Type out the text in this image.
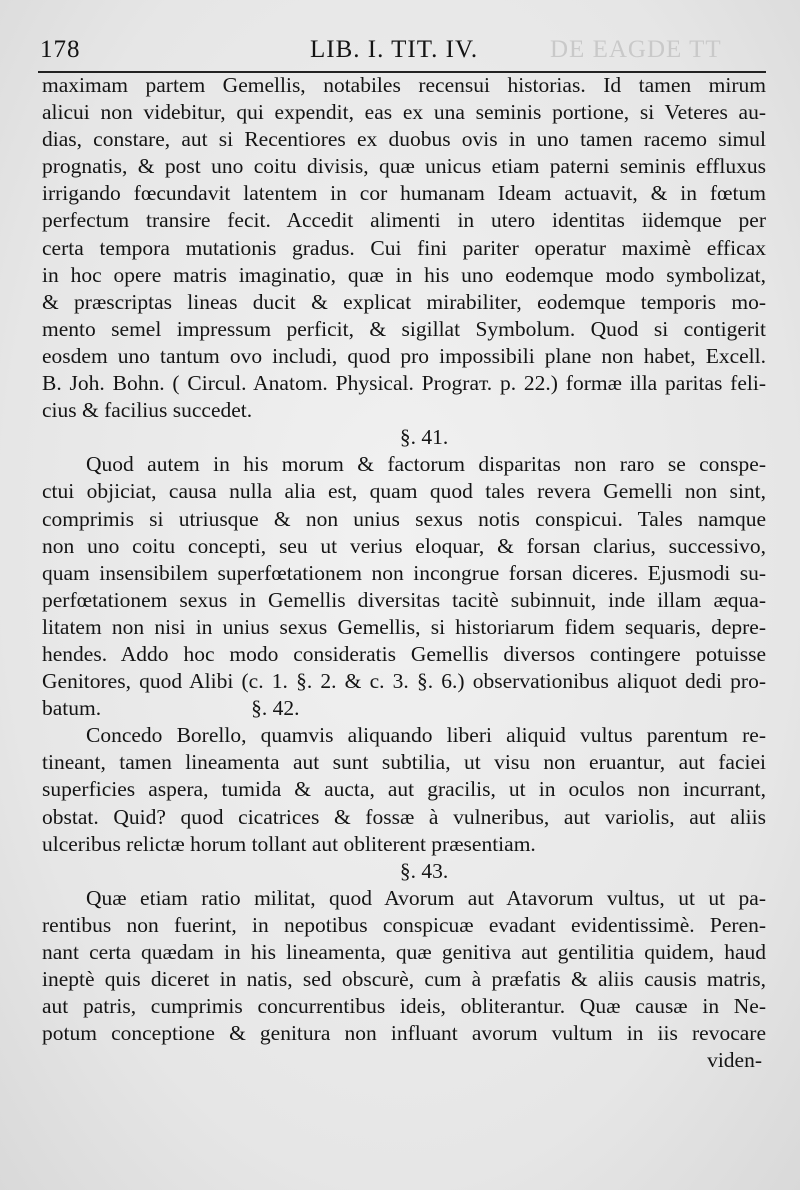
178	LIB. I. TIT. IV.	DE EAGDE TT
maximam partem Gemellis, notabiles recensui historias. Id tamen mirum
alicui non videbitur, qui expendit, eas ex una seminis portione, si Veteres au-
dias, constare, aut si Recentiores ex duobus ovis in uno tamen racemo simul
prognatis, & post uno coitu divisis, quæ unicus etiam paterni seminis effluxus
irrigando fœcundavit latentem in cor humanam Ideam actuavit, & in fœtum
perfectum transire fecit. Accedit alimenti in utero identitas iidemque per
certa tempora mutationis gradus. Cui fini pariter operatur maximè efficax
in hoc opere matris imaginatio, quæ in his uno eodemque modo symbolizat,
& præscriptas lineas ducit & explicat mirabiliter, eodemque temporis mo-
mento semel impressum perficit, & sigillat Symbolum. Quod si contigerit
eosdem uno tantum ovo includi, quod pro impossibili plane non habet, Excell.
B. Joh. Bohn. ( Circul. Anatom. Physical. Prograт. p. 22.) formæ illa paritas feli-
cius & facilius succedet.
§. 41.
Quod autem in his morum & factorum disparitas non raro se conspe-
ctui objiciat, causa nulla alia est, quam quod tales revera Gemelli non sint,
comprimis si utriusque & non unius sexus notis conspicui. Tales namque
non uno coitu concepti, seu ut verius eloquar, & forsan clarius, successivo,
quam insensibilem superfœtationem non incongrue forsan diceres. Ejusmodi su-
perfœtationem sexus in Gemellis diversitas tacitè subinnuit, inde illam æqua-
litatem non nisi in unius sexus Gemellis, si historiarum fidem sequaris, depre-
hendes. Addo hoc modo consideratis Gemellis diversos contingere potuisse
Genitores, quod Alibi (c. 1. §. 2. & c. 3. §. 6.) observationibus aliquot dedi pro-
batum.	§. 42.
Concedo Borello, quamvis aliquando liberi aliquid vultus parentum re-
tineant, tamen lineamenta aut sunt subtilia, ut visu non eruantur, aut faciei
superficies aspera, tumida & aucta, aut gracilis, ut in oculos non incurrant,
obstat. Quid? quod cicatrices & fossæ à vulneribus, aut variolis, aut aliis
ulceribus relictæ horum tollant aut obliterent præsentiam.
§. 43.
Quæ etiam ratio militat, quod Avorum aut Atavorum vultus, ut ut pa-
rentibus non fuerint, in nepotibus conspicuæ evadant evidentissimè. Peren-
nant certa quædam in his lineamenta, quæ genitiva aut gentilitia quidem, haud
ineptè quis diceret in natis, sed obscurè, cum à præfatis & aliis causis matris,
aut patris, cumprimis concurrentibus ideis, obliterantur. Quæ causæ in Ne-
potum conceptione & genitura non influant avorum vultum in iis revocare
viden-
